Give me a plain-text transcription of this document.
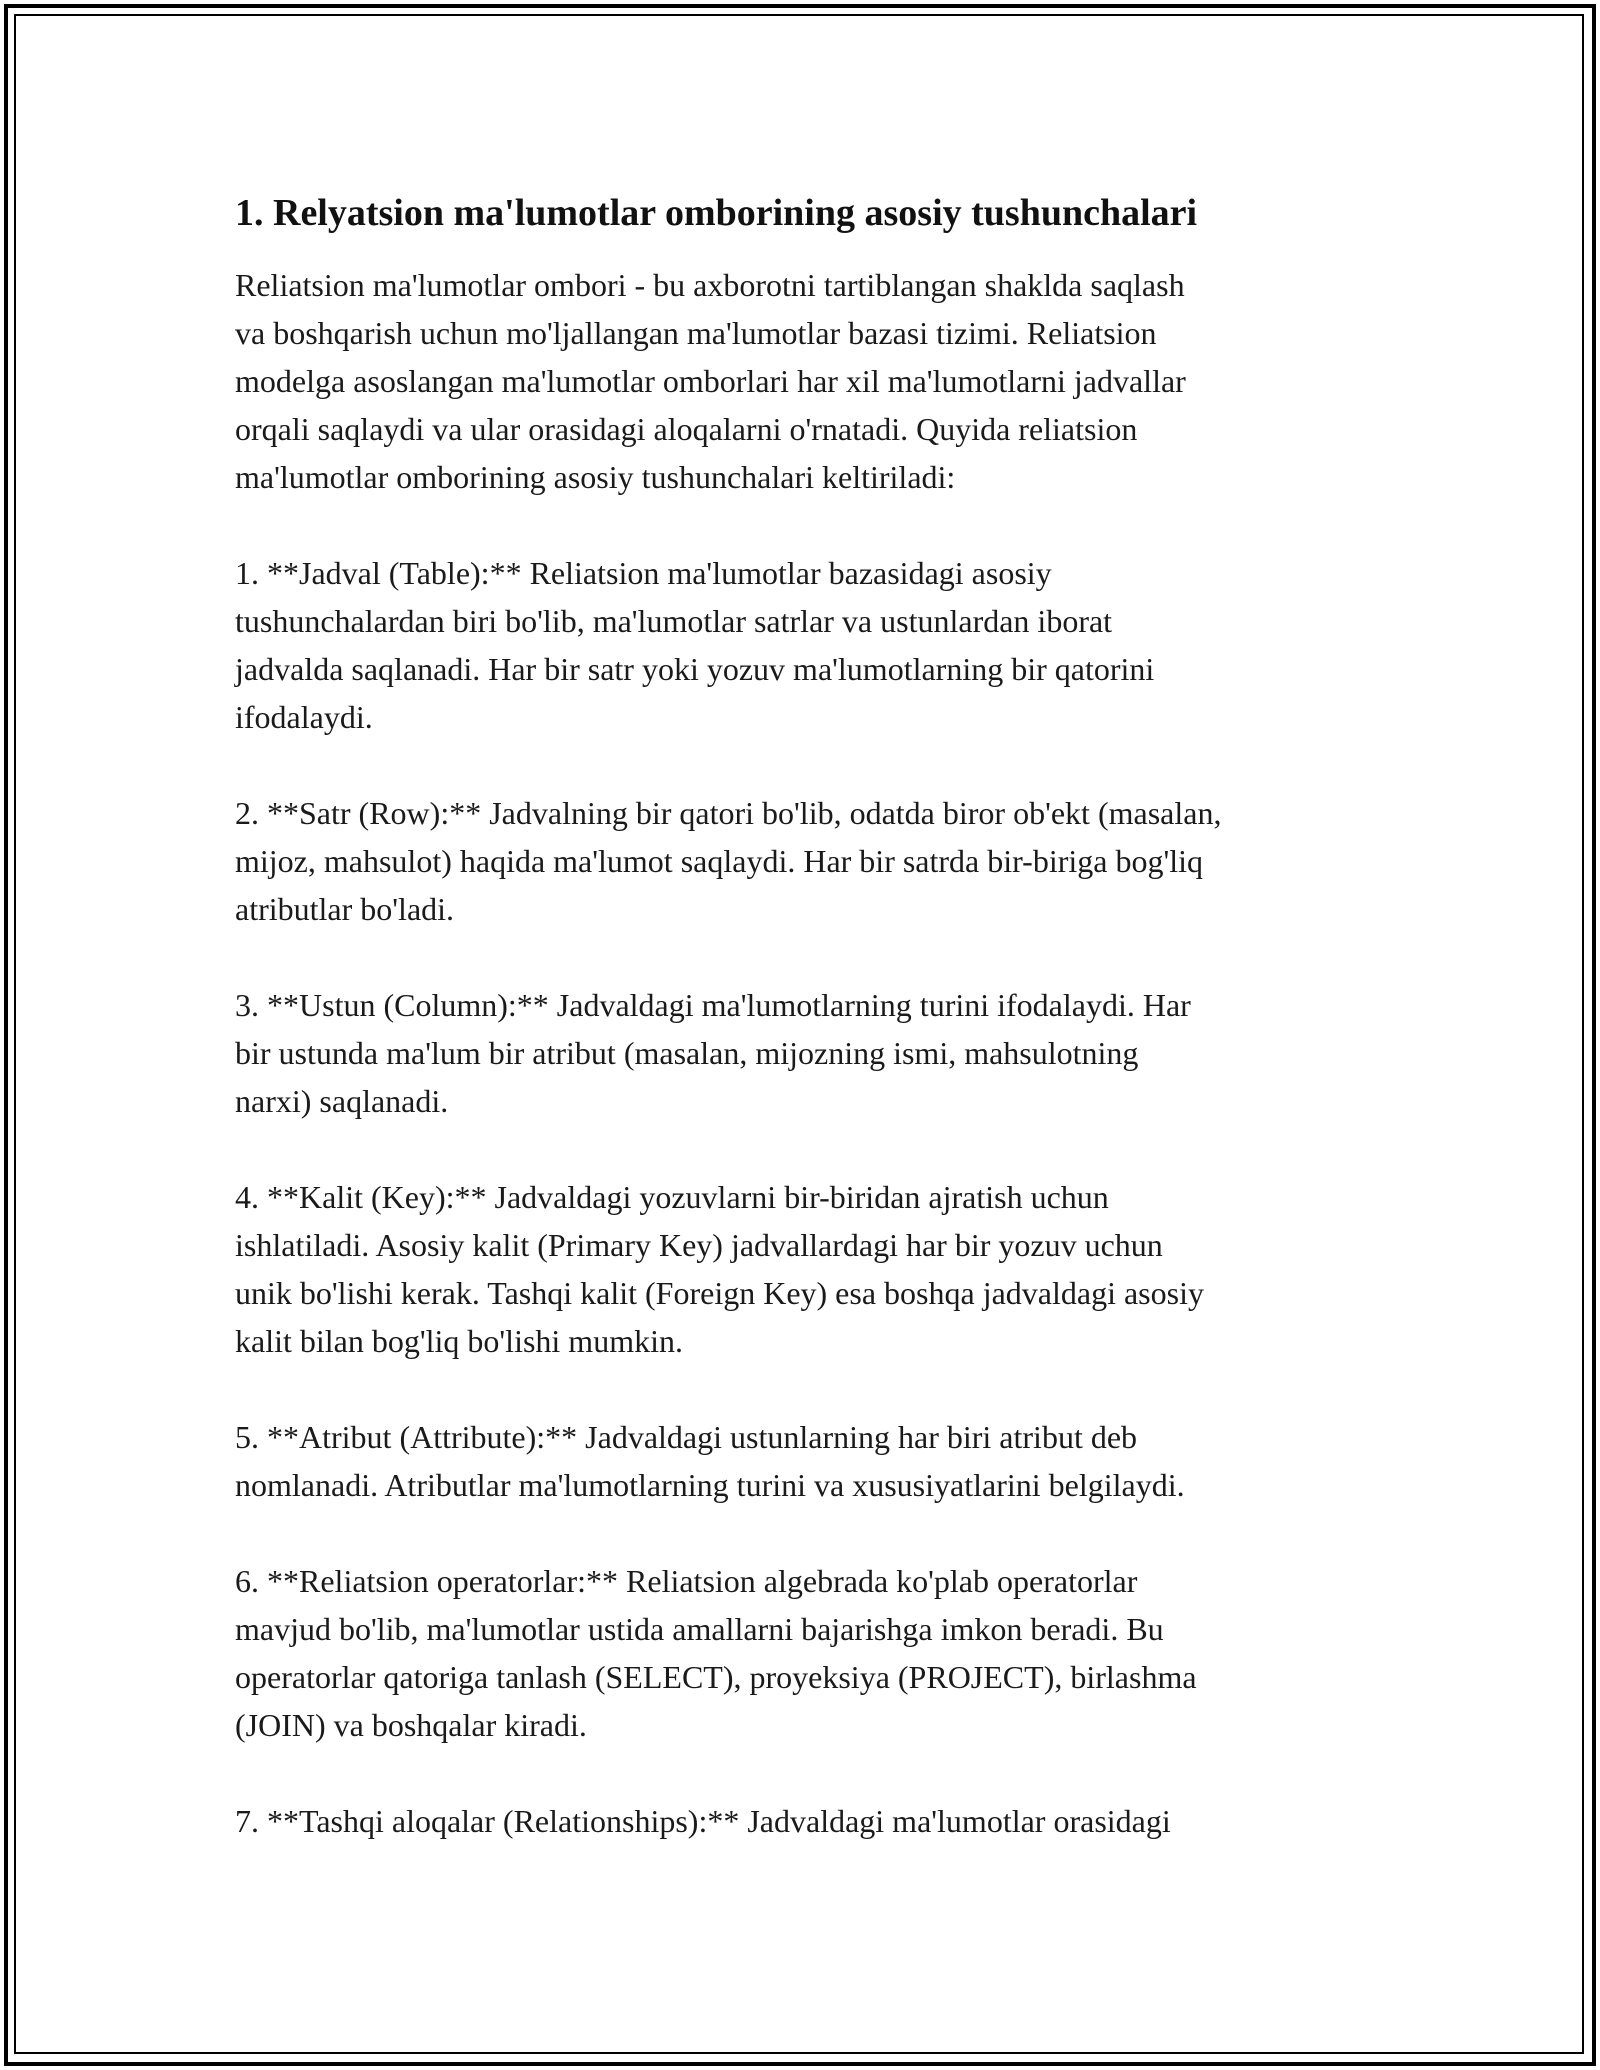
1. Relyatsion ma'lumotlar omborining asosiy tushunchalari

Reliatsion ma'lumotlar ombori - bu axborotni tartiblangan shaklda saqlash
va boshqarish uchun mo'ljallangan ma'lumotlar bazasi tizimi. Reliatsion
modelga asoslangan ma'lumotlar omborlari har xil ma'lumotlarni jadvallar
orqali saqlaydi va ular orasidagi aloqalarni o'rnatadi. Quyida reliatsion
ma'lumotlar omborining asosiy tushunchalari keltiriladi:

1. **Jadval (Table):** Reliatsion ma'lumotlar bazasidagi asosiy
tushunchalardan biri bo'lib, ma'lumotlar satrlar va ustunlardan iborat
jadvalda saqlanadi. Har bir satr yoki yozuv ma'lumotlarning bir qatorini
ifodalaydi.

2. **Satr (Row):** Jadvalning bir qatori bo'lib, odatda biror ob'ekt (masalan,
mijoz, mahsulot) haqida ma'lumot saqlaydi. Har bir satrda bir-biriga bog'liq
atributlar bo'ladi.

3. **Ustun (Column):** Jadvaldagi ma'lumotlarning turini ifodalaydi. Har
bir ustunda ma'lum bir atribut (masalan, mijozning ismi, mahsulotning
narxi) saqlanadi.

4. **Kalit (Key):** Jadvaldagi yozuvlarni bir-biridan ajratish uchun
ishlatiladi. Asosiy kalit (Primary Key) jadvallardagi har bir yozuv uchun
unik bo'lishi kerak. Tashqi kalit (Foreign Key) esa boshqa jadvaldagi asosiy
kalit bilan bog'liq bo'lishi mumkin.

5. **Atribut (Attribute):** Jadvaldagi ustunlarning har biri atribut deb
nomlanadi. Atributlar ma'lumotlarning turini va xususiyatlarini belgilaydi.

6. **Reliatsion operatorlar:** Reliatsion algebrada ko'plab operatorlar
mavjud bo'lib, ma'lumotlar ustida amallarni bajarishga imkon beradi. Bu
operatorlar qatoriga tanlash (SELECT), proyeksiya (PROJECT), birlashma
(JOIN) va boshqalar kiradi.

7. **Tashqi aloqalar (Relationships):** Jadvaldagi ma'lumotlar orasidagi
